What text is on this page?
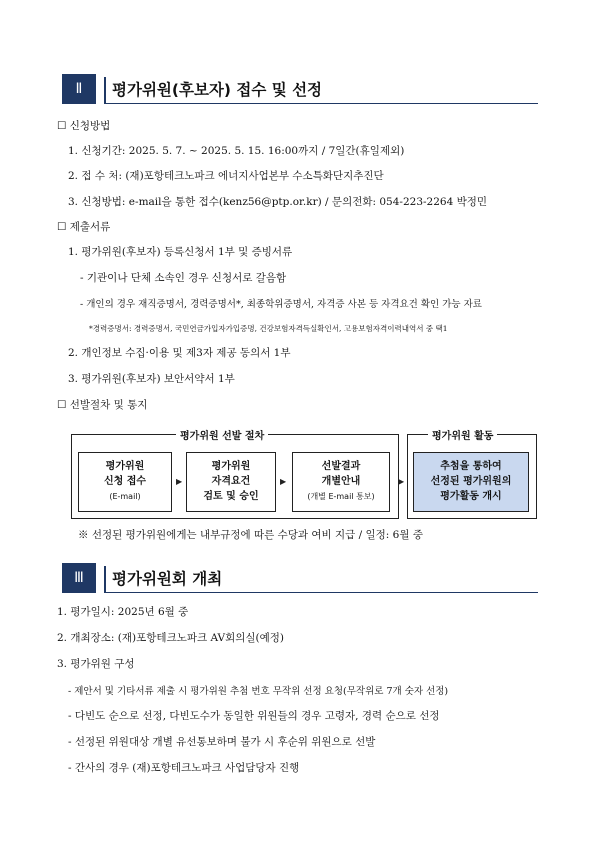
Ⅱ	평가위원(후보자) 접수 및 선정
☐ 신청방법
1. 신청기간: 2025. 5. 7. ~ 2025. 5. 15. 16:00까지 / 7일간(휴일제외)
2. 접 수 처: (재)포항테크노파크 에너지사업본부 수소특화단지추진단
3. 신청방법: e-mail을 통한 접수(kenz56@ptp.or.kr) / 문의전화: 054-223-2264 박정민
☐ 제출서류
1. 평가위원(후보자) 등록신청서 1부 및 증빙서류
- 기관이나 단체 소속인 경우 신청서로 갈음함
- 개인의 경우 재직증명서, 경력증명서*, 최종학위증명서, 자격증 사본 등 자격요건 확인 가능 자료
*경력증명서: 경력증명서, 국민연금가입자가입증명, 건강보험자격득실확인서, 고용보험자격이력내역서 중 택1
2. 개인정보 수집·이용 및 제3자 제공 동의서 1부
3. 평가위원(후보자) 보안서약서 1부
☐ 선발절차 및 통지
평가위원 선발 절차
평가위원
신청 접수
(E-mail)
▶
평가위원
자격요건
검토 및 승인
▶
선발결과
개별안내
(개별 E-mail 통보)
▶
평가위원 활동
추첨을 통하여
선정된 평가위원의
평가활동 개시
※ 선정된 평가위원에게는 내부규정에 따른 수당과 여비 지급 / 일정: 6월 중
Ⅲ	평가위원회 개최
1. 평가일시: 2025년 6월 중
2. 개최장소: (재)포항테크노파크 AV회의실(예정)
3. 평가위원 구성
- 제안서 및 기타서류 제출 시 평가위원 추첨 번호 무작위 선정 요청(무작위로 7개 숫자 선정)
- 다빈도 순으로 선정, 다빈도수가 동일한 위원들의 경우 고령자, 경력 순으로 선정
- 선정된 위원대상 개별 유선통보하며 불가 시 후순위 위원으로 선발
- 간사의 경우 (재)포항테크노파크 사업담당자 진행
